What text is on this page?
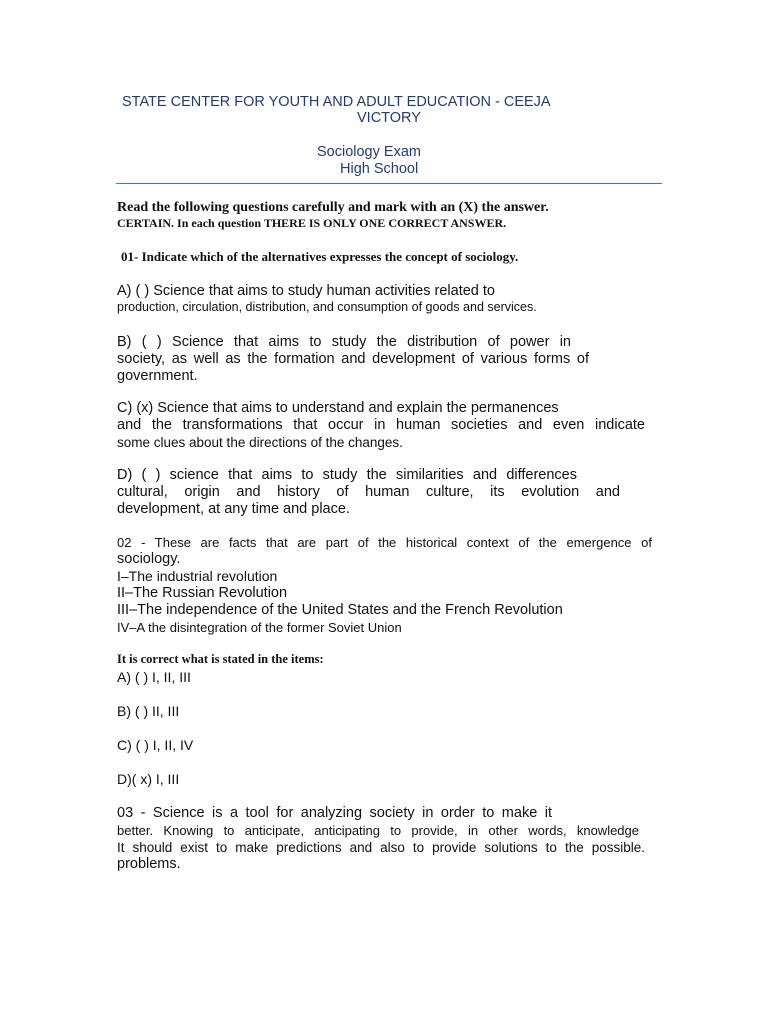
STATE CENTER FOR YOUTH AND ADULT EDUCATION - CEEJA
VICTORY
Sociology Exam
High School

Read the following questions carefully and mark with an (X) the answer.

CERTAIN. In each question THERE IS ONLY ONE CORRECT ANSWER.

01- Indicate which of the alternatives expresses the concept of sociology.

A) ( ) Science that aims to study human activities related to
production, circulation, distribution, and consumption of goods and services.
B) ( ) Science that aims to study the distribution of power in
society, as well as the formation and development of various forms of
government.
C) (x) Science that aims to understand and explain the permanences
and the transformations that occur in human societies and even indicate
some clues about the directions of the changes.
D) ( ) science that aims to study the similarities and differences
cultural, origin and history of human culture, its evolution and
development, at any time and place.
02 - These are facts that are part of the historical context of the emergence of
sociology.
I–The industrial revolution
II–The Russian Revolution
III–The independence of the United States and the French Revolution
IV–A the disintegration of the former Soviet Union

It is correct what is stated in the items:

A) ( ) I, II, III

B) ( ) II, III

C) ( ) I, II, IV

D)( x) I, III

03 - Science is a tool for analyzing society in order to make it
better. Knowing to anticipate, anticipating to provide, in other words, knowledge
It should exist to make predictions and also to provide solutions to the possible.
problems.
